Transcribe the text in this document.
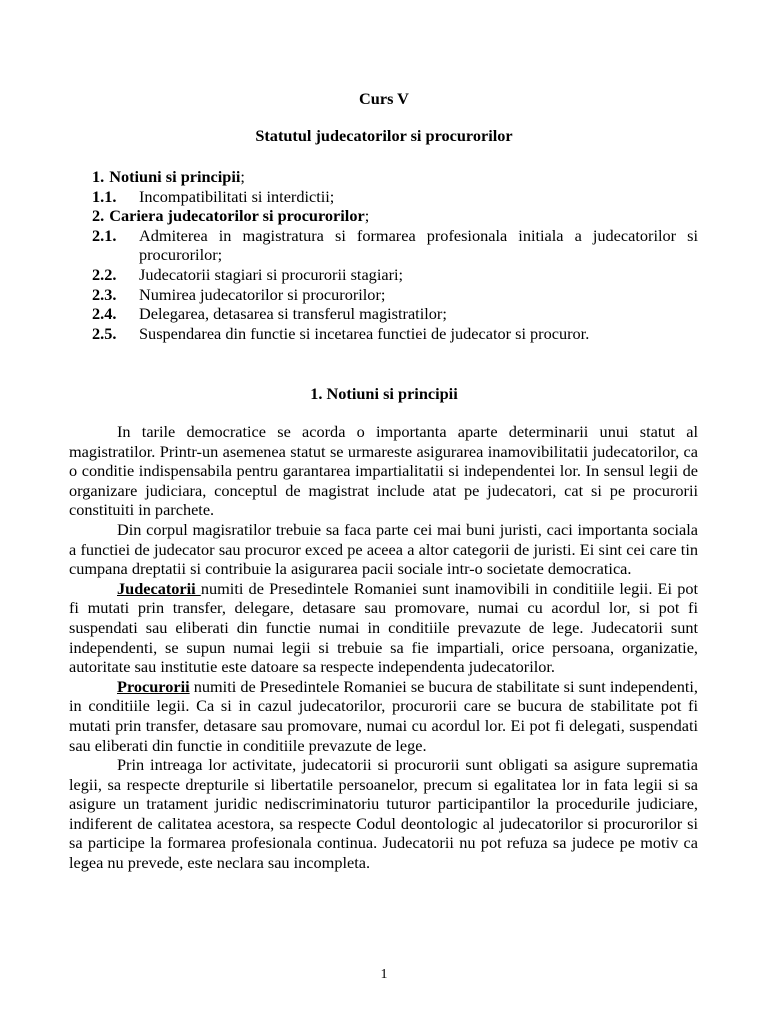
Curs V
Statutul judecatorilor si procurorilor
1. Notiuni si principii;
1.1.	Incompatibilitati si interdictii;
2. Cariera judecatorilor si procurorilor;
2.1.	Admiterea in magistratura si formarea profesionala initiala a judecatorilor si procurorilor;
2.2.	Judecatorii stagiari si procurorii stagiari;
2.3.	Numirea judecatorilor si procurorilor;
2.4.	Delegarea, detasarea si transferul magistratilor;
2.5.	Suspendarea din functie si incetarea functiei de judecator si procuror.
1. Notiuni si principii

In tarile democratice se acorda o importanta aparte determinarii unui statut al magistratilor. Printr-un asemenea statut se urmareste asigurarea inamovibilitatii judecatorilor, ca o conditie indispensabila pentru garantarea impartialitatii si independentei lor. In sensul legii de organizare judiciara, conceptul de magistrat include atat pe judecatori, cat si pe procurorii constituiti in parchete.

Din corpul magisratilor trebuie sa faca parte cei mai buni juristi, caci importanta sociala a functiei de judecator sau procuror exced pe aceea a altor categorii de juristi. Ei sint cei care tin cumpana dreptatii si contribuie la asigurarea pacii sociale intr-o societate democratica.

Judecatorii numiti de Presedintele Romaniei sunt inamovibili in conditiile legii. Ei pot fi mutati prin transfer, delegare, detasare sau promovare, numai cu acordul lor, si pot fi suspendati sau eliberati din functie numai in conditiile prevazute de lege. Judecatorii sunt independenti, se supun numai legii si trebuie sa fie impartiali, orice persoana, organizatie, autoritate sau institutie este datoare sa respecte independenta judecatorilor.

Procurorii numiti de Presedintele Romaniei se bucura de stabilitate si sunt independenti, in conditiile legii. Ca si in cazul judecatorilor, procurorii care se bucura de stabilitate pot fi mutati prin transfer, detasare sau promovare, numai cu acordul lor. Ei pot fi delegati, suspendati sau eliberati din functie in conditiile prevazute de lege.

Prin intreaga lor activitate, judecatorii si procurorii sunt obligati sa asigure suprematia legii, sa respecte drepturile si libertatile persoanelor, precum si egalitatea lor in fata legii si sa asigure un tratament juridic nediscriminatoriu tuturor participantilor la procedurile judiciare, indiferent de calitatea acestora, sa respecte Codul deontologic al judecatorilor si procurorilor si sa participe la formarea profesionala continua. Judecatorii nu pot refuza sa judece pe motiv ca legea nu prevede, este neclara sau incompleta.

1
